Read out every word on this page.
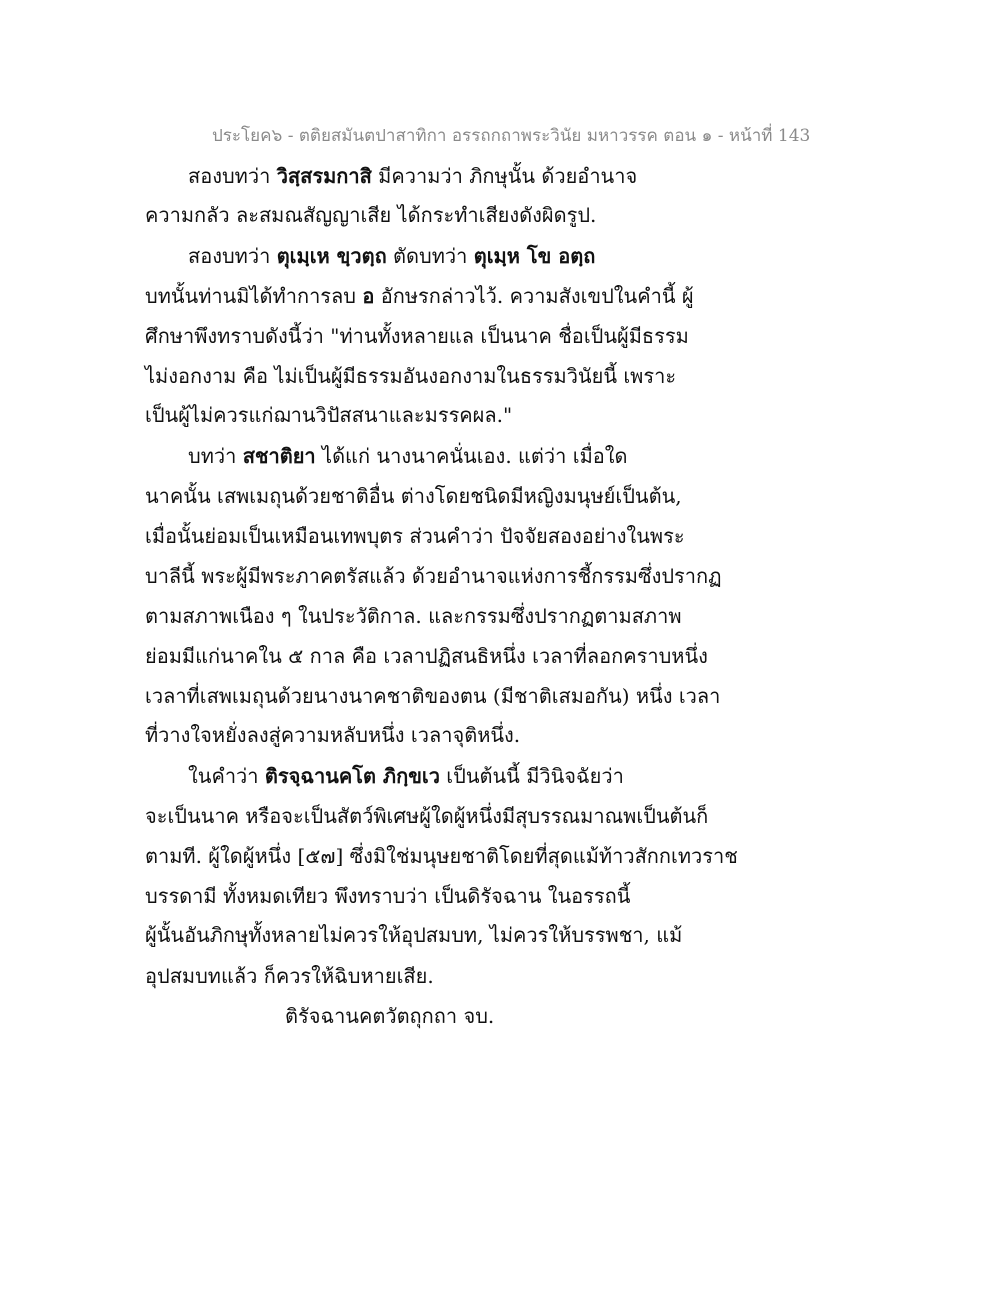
ประโยค๖ - ตติยสมันตปาสาทิกา อรรถกถาพระวินัย มหาวรรค ตอน ๑ - หน้าที่ 143
สองบทว่า วิสฺสรมกาสิ มีความว่า ภิกษุนั้น ด้วยอำนาจ
ความกลัว ละสมณสัญญาเสีย ได้กระทำเสียงดังผิดรูป.
สองบทว่า ตุเมฺเห ขฺวตฺถ ตัดบทว่า ตุเมฺห โข อตฺถ
บทนั้นท่านมิได้ทำการลบ อ อักษรกล่าวไว้. ความสังเขปในคำนี้ ผู้
ศึกษาพึงทราบดังนี้ว่า "ท่านทั้งหลายแล เป็นนาค ชื่อเป็นผู้มีธรรม
ไม่งอกงาม คือ ไม่เป็นผู้มีธรรมอันงอกงามในธรรมวินัยนี้ เพราะ
เป็นผู้ไม่ควรแก่ฌานวิปัสสนาและมรรคผล."
บทว่า สชาติยา ได้แก่ นางนาคนั่นเอง. แต่ว่า เมื่อใด
นาคนั้น เสพเมถุนด้วยชาติอื่น ต่างโดยชนิดมีหญิงมนุษย์เป็นต้น,
เมื่อนั้นย่อมเป็นเหมือนเทพบุตร ส่วนคำว่า ปัจจัยสองอย่างในพระ
บาลีนี้ พระผู้มีพระภาคตรัสแล้ว ด้วยอำนาจแห่งการชี้กรรมซึ่งปรากฏ
ตามสภาพเนือง ๆ ในประวัติกาล. และกรรมซึ่งปรากฏตามสภาพ
ย่อมมีแก่นาคใน ๕ กาล คือ เวลาปฏิสนธิหนึ่ง เวลาที่ลอกคราบหนึ่ง
เวลาที่เสพเมถุนด้วยนางนาคชาติของตน (มีชาติเสมอกัน) หนึ่ง เวลา
ที่วางใจหยั่งลงสู่ความหลับหนึ่ง เวลาจุติหนึ่ง.
ในคำว่า ติรจฺฉานคโต ภิกฺขเว เป็นต้นนี้ มีวินิจฉัยว่า
จะเป็นนาค หรือจะเป็นสัตว์พิเศษผู้ใดผู้หนึ่งมีสุบรรณมาณพเป็นต้นก็
ตามที. ผู้ใดผู้หนึ่ง [๕๗] ซึ่งมิใช่มนุษยชาติโดยที่สุดแม้ท้าวสักกเทวราช
บรรดามี ทั้งหมดเทียว พึงทราบว่า เป็นดิรัจฉาน ในอรรถนี้
ผู้นั้นอันภิกษุทั้งหลายไม่ควรให้อุปสมบท, ไม่ควรให้บรรพชา, แม้
อุปสมบทแล้ว ก็ควรให้ฉิบหายเสีย.
ติรัจฉานคตวัตถุกถา จบ.
